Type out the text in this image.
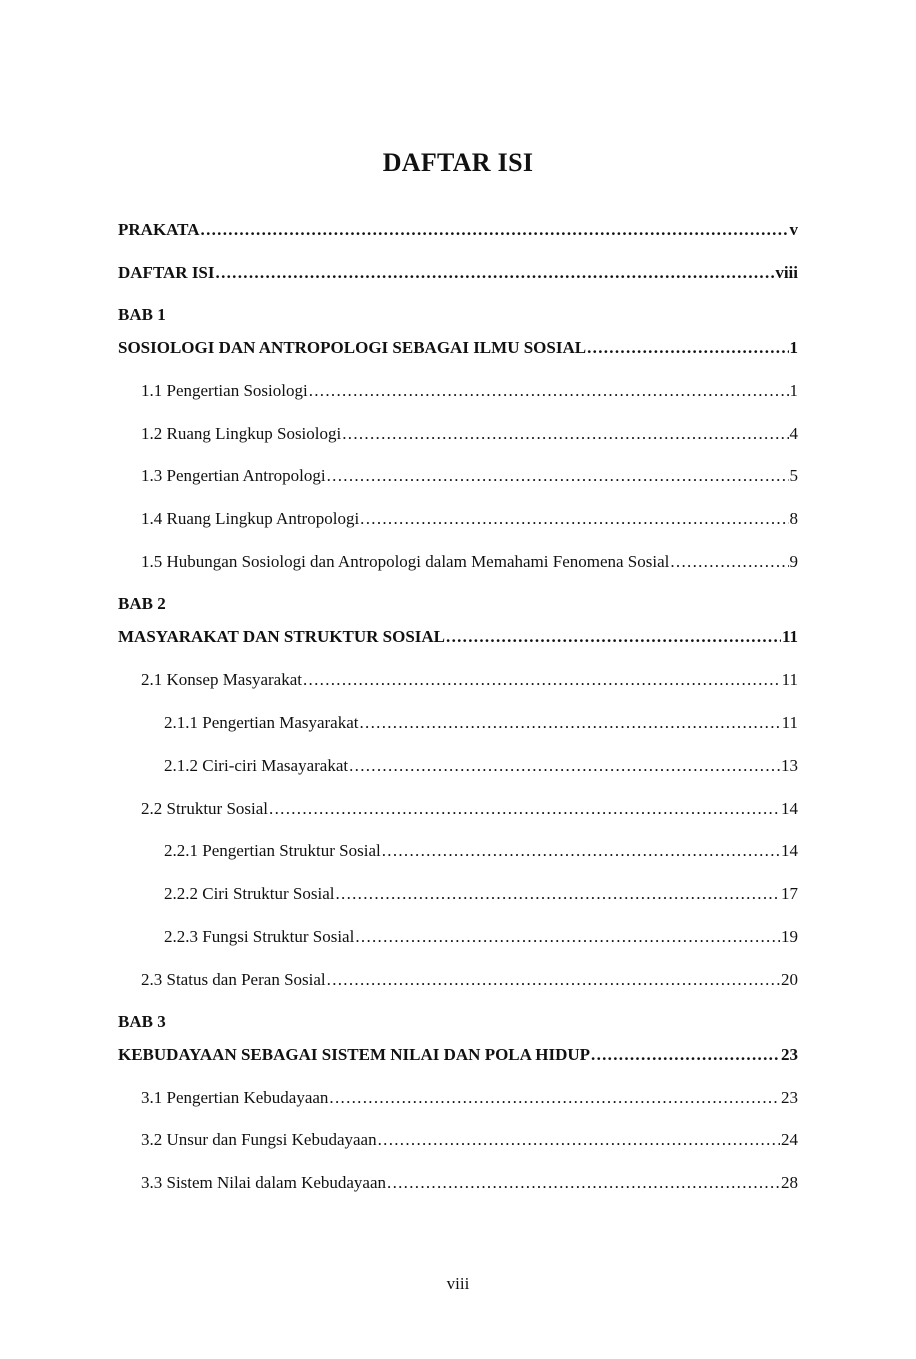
DAFTAR ISI
PRAKATA .....	v
DAFTAR ISI .....	viii
BAB 1
SOSIOLOGI DAN ANTROPOLOGI SEBAGAI ILMU SOSIAL .....	1
1.1 Pengertian Sosiologi .....	1
1.2 Ruang Lingkup Sosiologi .....	4
1.3 Pengertian Antropologi .....	5
1.4 Ruang Lingkup Antropologi .....	8
1.5 Hubungan Sosiologi dan Antropologi dalam Memahami Fenomena Sosial .....	9
BAB 2
MASYARAKAT DAN STRUKTUR SOSIAL .....	11
2.1 Konsep Masyarakat .....	11
2.1.1 Pengertian Masyarakat .....	11
2.1.2 Ciri-ciri Masayarakat .....	13
2.2 Struktur Sosial .....	14
2.2.1 Pengertian Struktur Sosial .....	14
2.2.2 Ciri Struktur Sosial .....	17
2.2.3 Fungsi Struktur Sosial .....	19
2.3 Status dan Peran Sosial .....	20
BAB 3
KEBUDAYAAN SEBAGAI SISTEM NILAI DAN POLA HIDUP .....	23
3.1 Pengertian Kebudayaan .....	23
3.2 Unsur dan Fungsi Kebudayaan .....	24
3.3 Sistem Nilai dalam Kebudayaan .....	28
viii
